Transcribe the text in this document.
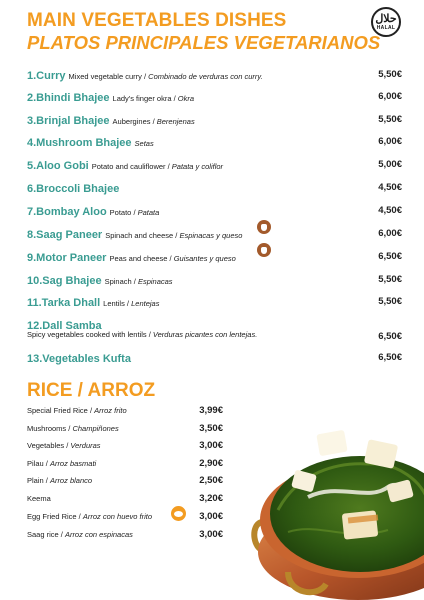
MAIN VEGETABLES DISHES
PLATOS PRINCIPALES VEGETARIANOS
حلال
HALAL
1.Curry Mixed vegetable curry / Combinado de verduras con curry.	5,50€
2.Bhindi Bhajee Lady's finger okra / Okra	6,00€
3.Brinjal Bhajee Aubergines / Berenjenas	5,50€
4.Mushroom Bhajee Setas	6,00€
5.Aloo Gobi Potato and cauliflower / Patata y coliflor	5,00€
6.Broccoli Bhajee	4,50€
7.Bombay Aloo Potato / Patata	4,50€
8.Saag Paneer Spinach and cheese / Espinacas y queso	6,00€
9.Motor Paneer Peas and cheese / Guisantes y queso	6,50€
10.Sag Bhajee Spinach / Espinacas	5,50€
11.Tarka Dhall Lentils / Lentejas	5,50€
12.Dall Samba
Spicy vegetables cooked with lentils / Verduras picantes con lentejas.	6,50€
13.Vegetables Kufta	6,50€
RICE / ARROZ
Special Fried Rice / Arroz frito	3,99€
Mushrooms / Champiñones	3,50€
Vegetables / Verduras	3,00€
Pilau / Arroz basmati	2,90€
Plain / Arroz blanco	2,50€
Keema	3,20€
Egg Fried Rice / Arroz con huevo frito	3,00€
Saag rice / Arroz con espinacas	3,00€
